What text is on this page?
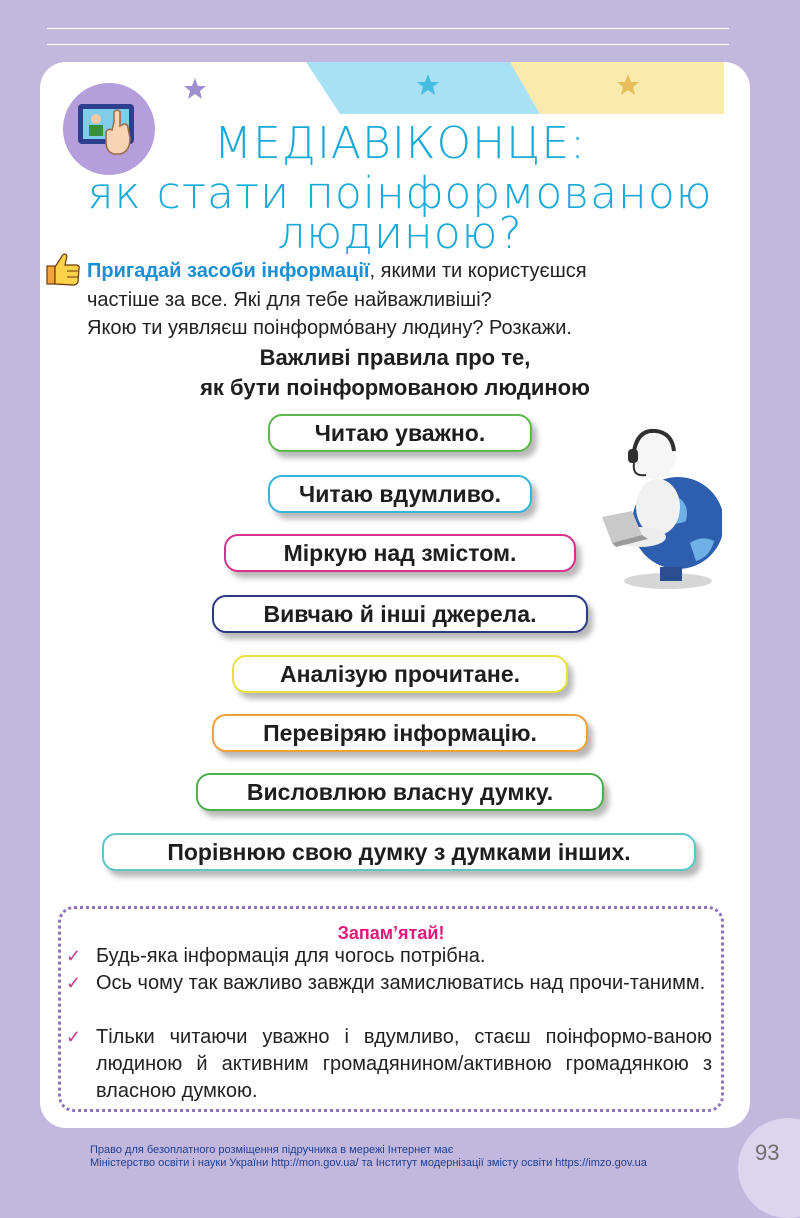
МЕДІАВІКОНЦЕ:
як стати поінформованою
людиною?
Пригадай засоби інформації, якими ти користуєшся
частіше за все. Які для тебе найважливіші?
Якою ти уявляєш поінформо́вану людину? Розкажи.
Важливі правила про те,
як бути поінформованою людиною
Читаю уважно.
Читаю вдумливо.
Міркую над змістом.
Вивчаю й інші джерела.
Аналізую прочитане.
Перевіряю інформацію.
Висловлюю власну думку.
Порівнюю свою думку з думками інших.
Запам’ятай!
✓ Будь-яка інформація для чогось потрібна.
✓ Ось чому так важливо завжди замислюватись над прочи-танимм.
✓ Тільки читаючи уважно і вдумливо, стаєш поінформо-ваною людиною й активним громадянином/активною громадянкою з власною думкою.
Право для безоплатного розміщення підручника в мережі Інтернет має
Міністерство освіти і науки України http://mon.gov.ua/ та Інститут модернізації змісту освіти https://imzo.gov.ua	93
